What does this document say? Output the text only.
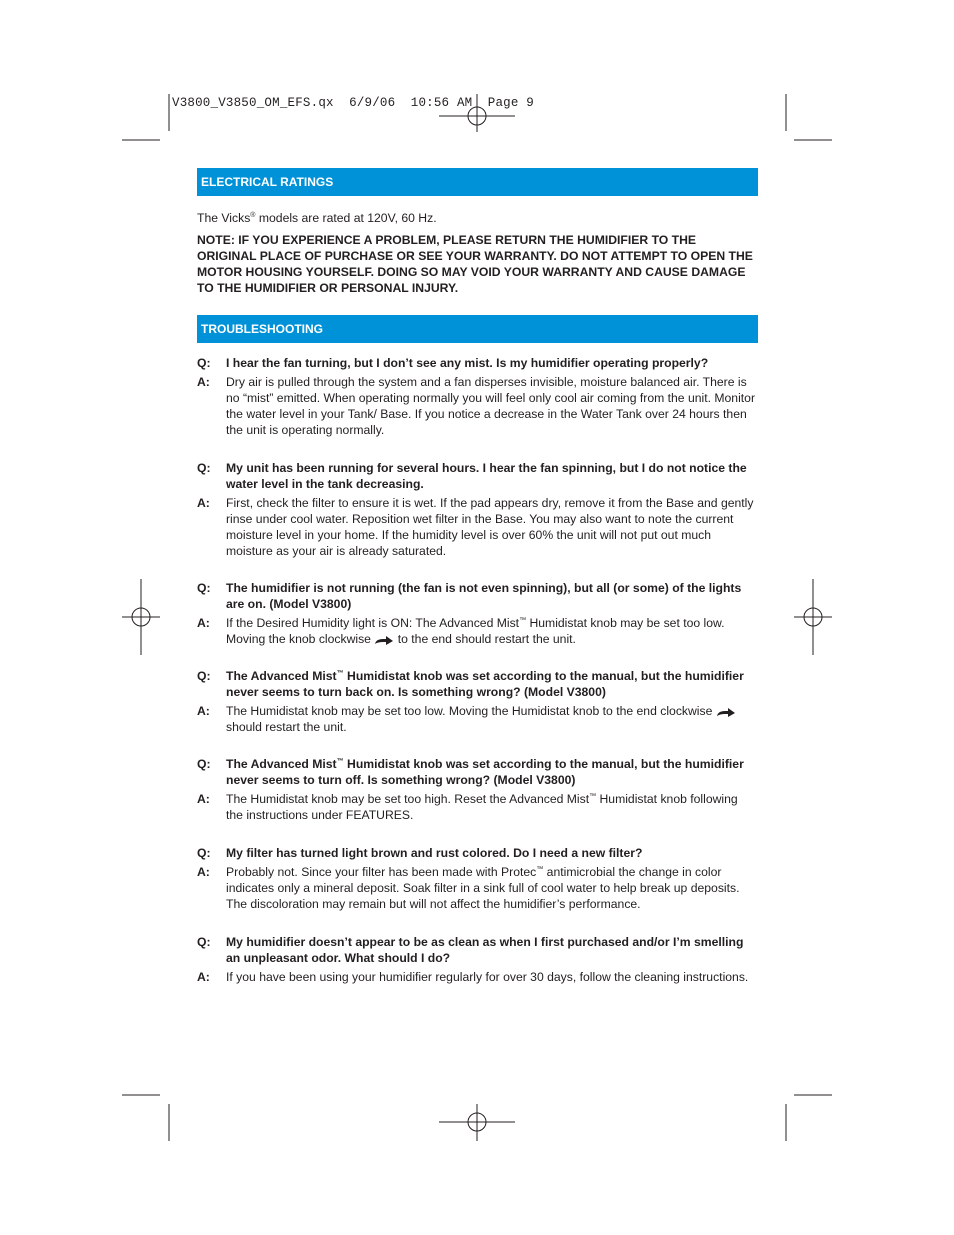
V3800_V3850_OM_EFS.qx  6/9/06  10:56 AM  Page 9
ELECTRICAL RATINGS

The Vicks® models are rated at 120V, 60 Hz.

NOTE: IF YOU EXPERIENCE A PROBLEM, PLEASE RETURN THE HUMIDIFIER TO THE ORIGINAL PLACE OF PURCHASE OR SEE YOUR WARRANTY. DO NOT ATTEMPT TO OPEN THE MOTOR HOUSING YOURSELF. DOING SO MAY VOID YOUR WARRANTY AND CAUSE DAMAGE TO THE HUMIDIFIER OR PERSONAL INJURY.

TROUBLESHOOTING
Q:	I hear the fan turning, but I don’t see any mist. Is my humidifier operating properly?
A:	Dry air is pulled through the system and a fan disperses invisible, moisture balanced air. There is no “mist” emitted. When operating normally you will feel only cool air coming from the unit. Monitor the water level in your Tank/ Base. If you notice a decrease in the Water Tank over 24 hours then the unit is operating normally.
Q:	My unit has been running for several hours. I hear the fan spinning, but I do not notice the water level in the tank decreasing.
A:	First, check the filter to ensure it is wet. If the pad appears dry, remove it from the Base and gently rinse under cool water. Reposition wet filter in the Base. You may also want to note the current moisture level in your home. If the humidity level is over 60% the unit will not put out much moisture as your air is already saturated.
Q:	The humidifier is not running (the fan is not even spinning), but all (or some) of the lights are on. (Model V3800)
A:	If the Desired Humidity light is ON: The Advanced Mist™ Humidistat knob may be set too low. Moving the knob clockwise  to the end should restart the unit.
Q:	The Advanced Mist™ Humidistat knob was set according to the manual, but the humidifier never seems to turn back on. Is something wrong? (Model V3800)
A:	The Humidistat knob may be set too low. Moving the Humidistat knob to the end clockwise
should restart the unit.
Q:	The Advanced Mist™ Humidistat knob was set according to the manual, but the humidifier never seems to turn off. Is something wrong? (Model V3800)
A:	The Humidistat knob may be set too high. Reset the Advanced Mist™ Humidistat knob following the instructions under FEATURES.
Q:	My filter has turned light brown and rust colored. Do I need a new filter?
A:	Probably not. Since your filter has been made with Protec™ antimicrobial the change in color indicates only a mineral deposit. Soak filter in a sink full of cool water to help break up deposits. The discoloration may remain but will not affect the humidifier’s performance.
Q:	My humidifier doesn’t appear to be as clean as when I first purchased and/or I’m smelling an unpleasant odor. What should I do?
A:	If you have been using your humidifier regularly for over 30 days, follow the cleaning instructions.
